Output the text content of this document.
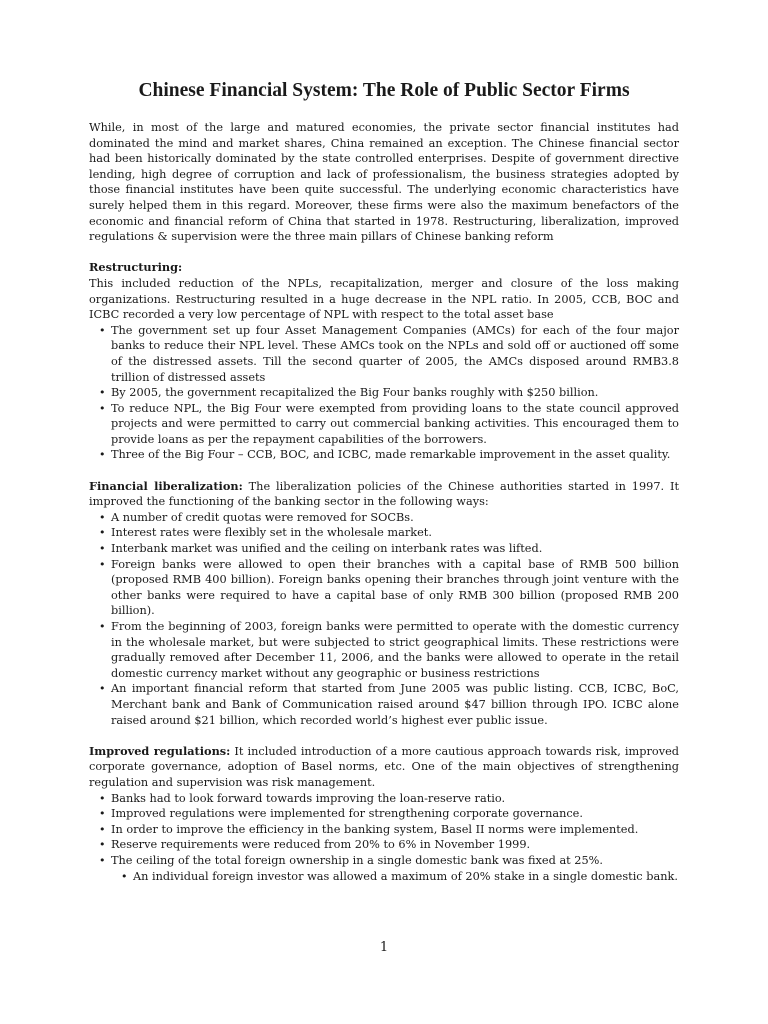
Chinese Financial System: The Role of Public Sector Firms

While, in most of the large and matured economies, the private sector financial institutes had dominated the mind and market shares, China remained an exception. The Chinese financial sector had been historically dominated by the state controlled enterprises. Despite of government directive lending, high degree of corruption and lack of professionalism, the business strategies adopted by those financial institutes have been quite successful. The underlying economic characteristics have surely helped them in this regard. Moreover, these firms were also the maximum benefactors of the economic and financial reform of China that started in 1978. Restructuring, liberalization, improved regulations & supervision were the three main pillars of Chinese banking reform

Restructuring:

This included reduction of the NPLs, recapitalization, merger and closure of the loss making organizations. Restructuring resulted in a huge decrease in the NPL ratio. In 2005, CCB, BOC and ICBC recorded a very low percentage of NPL with respect to the total asset base

• The government set up four Asset Management Companies (AMCs) for each of the four major banks to reduce their NPL level. These AMCs took on the NPLs and sold off or auctioned off some of the distressed assets. Till the second quarter of 2005, the AMCs disposed around RMB3.8 trillion of distressed assets
• By 2005, the government recapitalized the Big Four banks roughly with $250 billion.
• To reduce NPL, the Big Four were exempted from providing loans to the state council approved projects and were permitted to carry out commercial banking activities. This encouraged them to provide loans as per the repayment capabilities of the borrowers.
• Three of the Big Four – CCB, BOC, and ICBC, made remarkable improvement in the asset quality.

Financial liberalization: The liberalization policies of the Chinese authorities started in 1997. It improved the functioning of the banking sector in the following ways:

• A number of credit quotas were removed for SOCBs.
• Interest rates were flexibly set in the wholesale market.
• Interbank market was unified and the ceiling on interbank rates was lifted.
• Foreign banks were allowed to open their branches with a capital base of RMB 500 billion (proposed RMB 400 billion). Foreign banks opening their branches through joint venture with the other banks were required to have a capital base of only RMB 300 billion (proposed RMB 200 billion).
• From the beginning of 2003, foreign banks were permitted to operate with the domestic currency in the wholesale market, but were subjected to strict geographical limits. These restrictions were gradually removed after December 11, 2006, and the banks were allowed to operate in the retail domestic currency market without any geographic or business restrictions
• An important financial reform that started from June 2005 was public listing. CCB, ICBC, BoC, Merchant bank and Bank of Communication raised around $47 billion through IPO. ICBC alone raised around $21 billion, which recorded world’s highest ever public issue.

Improved regulations: It included introduction of a more cautious approach towards risk, improved corporate governance, adoption of Basel norms, etc. One of the main objectives of strengthening regulation and supervision was risk management.

• Banks had to look forward towards improving the loan-reserve ratio.
• Improved regulations were implemented for strengthening corporate governance.
• In order to improve the efficiency in the banking system, Basel II norms were implemented.
• Reserve requirements were reduced from 20% to 6% in November 1999.
• The ceiling of the total foreign ownership in a single domestic bank was fixed at 25%.
• An individual foreign investor was allowed a maximum of 20% stake in a single domestic bank.
1
